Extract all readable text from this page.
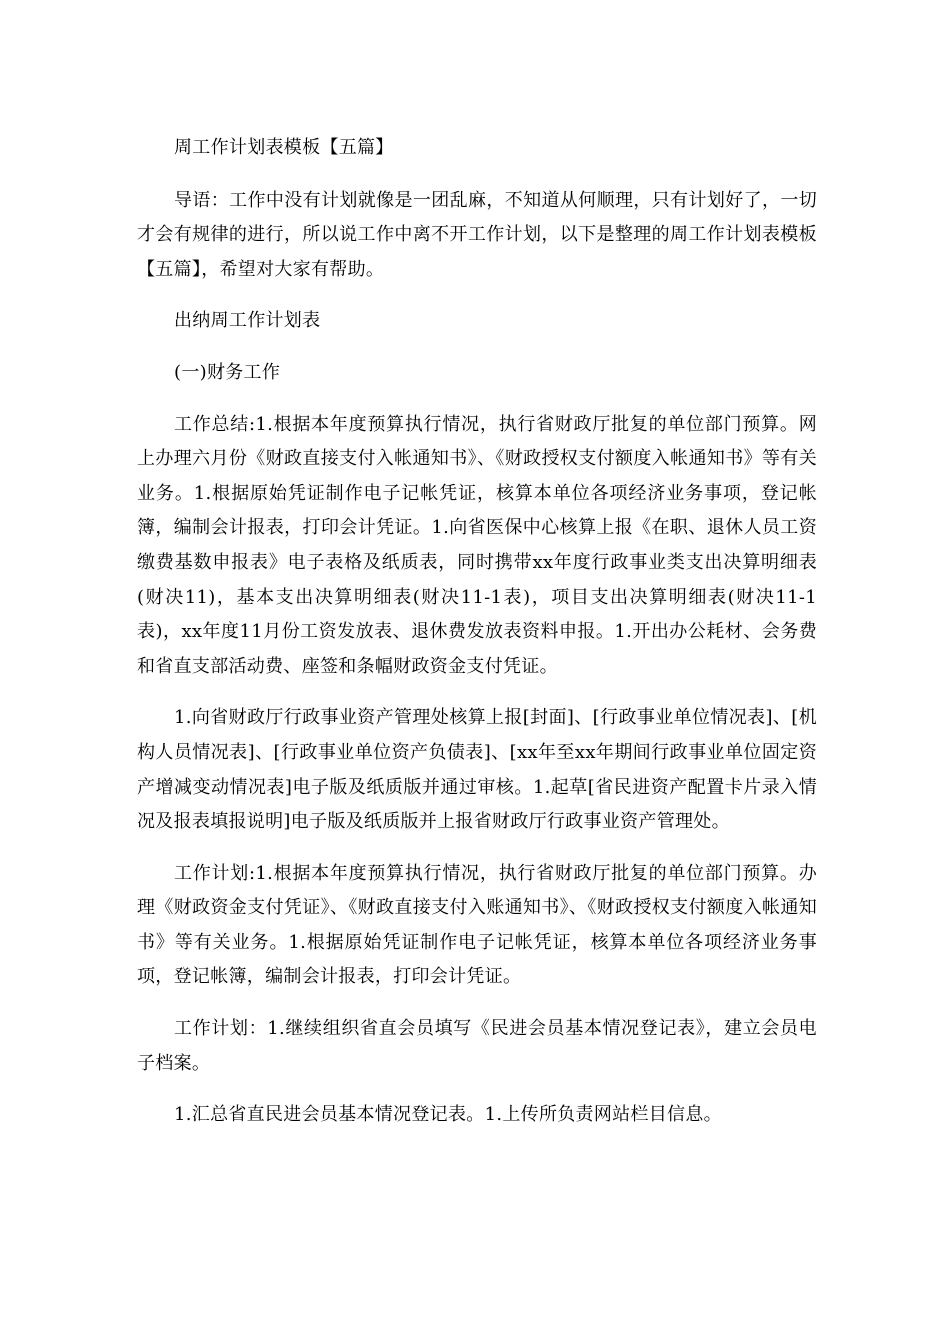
周工作计划表模板【五篇】

导语：工作中没有计划就像是一团乱麻，不知道从何顺理，只有计划好了，一切才会有规律的进行，所以说工作中离不开工作计划，以下是整理的周工作计划表模板【五篇】，希望对大家有帮助。

出纳周工作计划表

(一)财务工作

工作总结:1.根据本年度预算执行情况，执行省财政厅批复的单位部门预算。网上办理六月份《财政直接支付入帐通知书》、《财政授权支付额度入帐通知书》等有关业务。1.根据原始凭证制作电子记帐凭证，核算本单位各项经济业务事项，登记帐簿，编制会计报表，打印会计凭证。1.向省医保中心核算上报《在职、退休人员工资缴费基数申报表》电子表格及纸质表，同时携带xx年度行政事业类支出决算明细表(财决11)，基本支出决算明细表(财决11-1表)，项目支出决算明细表(财决11-1表)，xx年度11月份工资发放表、退休费发放表资料申报。1.开出办公耗材、会务费和省直支部活动费、座签和条幅财政资金支付凭证。

1.向省财政厅行政事业资产管理处核算上报[封面]、[行政事业单位情况表]、[机构人员情况表]、[行政事业单位资产负债表]、[xx年至xx年期间行政事业单位固定资产增减变动情况表]电子版及纸质版并通过审核。1.起草[省民进资产配置卡片录入情况及报表填报说明]电子版及纸质版并上报省财政厅行政事业资产管理处。

工作计划:1.根据本年度预算执行情况，执行省财政厅批复的单位部门预算。办理《财政资金支付凭证》、《财政直接支付入账通知书》、《财政授权支付额度入帐通知书》等有关业务。1.根据原始凭证制作电子记帐凭证，核算本单位各项经济业务事项，登记帐簿，编制会计报表，打印会计凭证。

工作计划：1.继续组织省直会员填写《民进会员基本情况登记表》，建立会员电子档案。

1.汇总省直民进会员基本情况登记表。1.上传所负责网站栏目信息。
